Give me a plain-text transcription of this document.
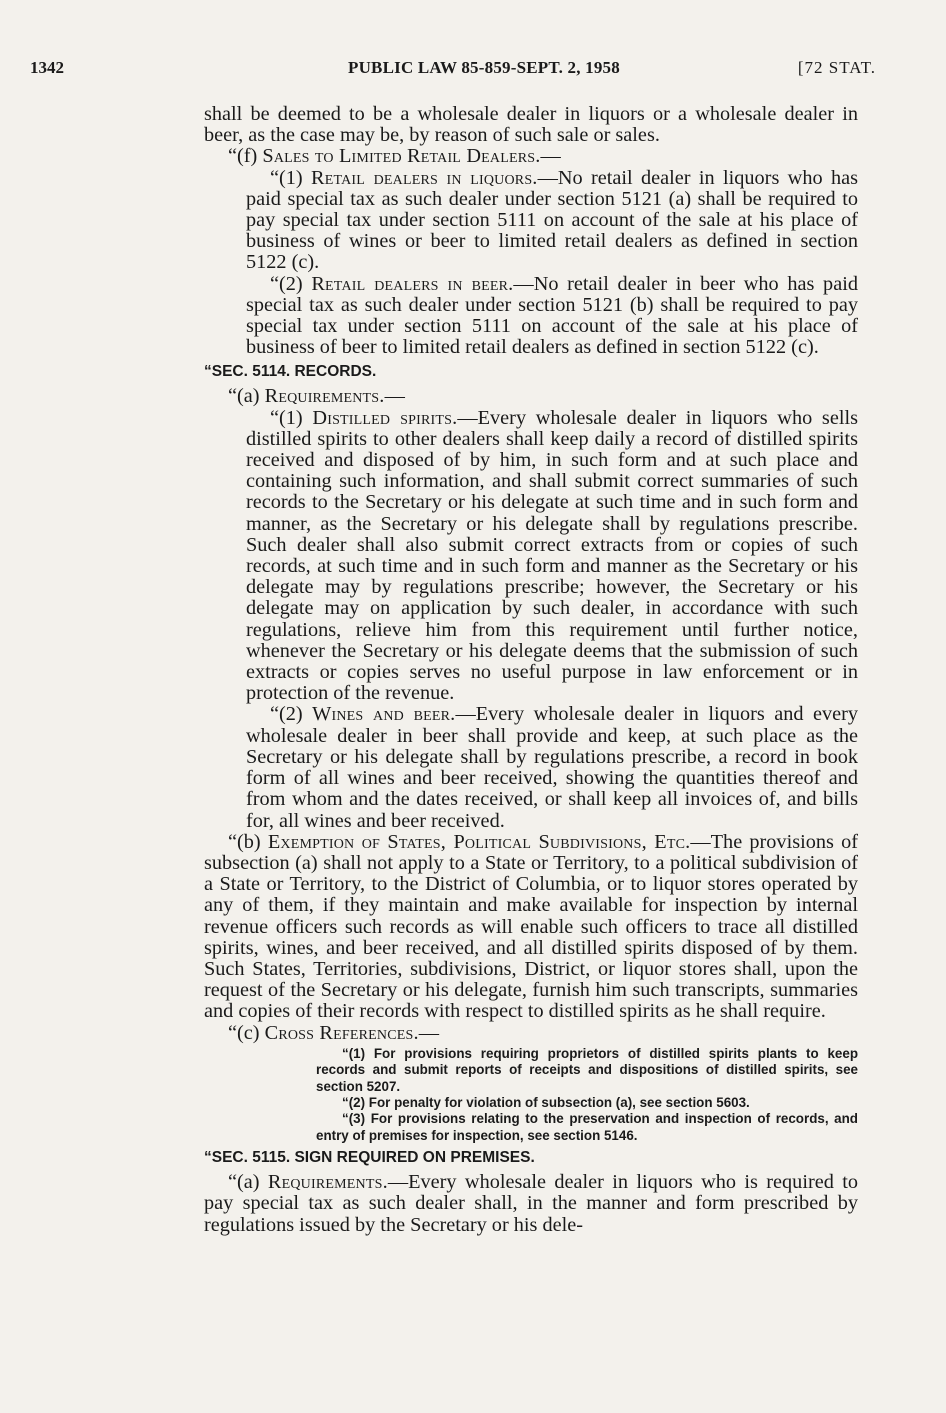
1342	PUBLIC LAW 85-859-SEPT. 2, 1958	[72 STAT.

shall be deemed to be a wholesale dealer in liquors or a wholesale dealer in beer, as the case may be, by reason of such sale or sales.

“(f) Sales to Limited Retail Dealers.—

“(1) Retail dealers in liquors.—No retail dealer in liquors who has paid special tax as such dealer under section 5121 (a) shall be required to pay special tax under section 5111 on account of the sale at his place of business of wines or beer to limited retail dealers as defined in section 5122 (c).

“(2) Retail dealers in beer.—No retail dealer in beer who has paid special tax as such dealer under section 5121 (b) shall be required to pay special tax under section 5111 on account of the sale at his place of business of beer to limited retail dealers as defined in section 5122 (c).

“SEC. 5114. RECORDS.

“(a) Requirements.—

“(1) Distilled spirits.—Every wholesale dealer in liquors who sells distilled spirits to other dealers shall keep daily a record of distilled spirits received and disposed of by him, in such form and at such place and containing such information, and shall submit correct summaries of such records to the Secretary or his delegate at such time and in such form and manner, as the Secretary or his delegate shall by regulations prescribe. Such dealer shall also submit correct extracts from or copies of such records, at such time and in such form and manner as the Secretary or his delegate may by regulations prescribe; however, the Secretary or his delegate may on application by such dealer, in accordance with such regulations, relieve him from this requirement until further notice, whenever the Secretary or his delegate deems that the submission of such extracts or copies serves no useful purpose in law enforcement or in protection of the revenue.

“(2) Wines and beer.—Every wholesale dealer in liquors and every wholesale dealer in beer shall provide and keep, at such place as the Secretary or his delegate shall by regulations prescribe, a record in book form of all wines and beer received, showing the quantities thereof and from whom and the dates received, or shall keep all invoices of, and bills for, all wines and beer received.

“(b) Exemption of States, Political Subdivisions, Etc.—The provisions of subsection (a) shall not apply to a State or Territory, to a political subdivision of a State or Territory, to the District of Columbia, or to liquor stores operated by any of them, if they maintain and make available for inspection by internal revenue officers such records as will enable such officers to trace all distilled spirits, wines, and beer received, and all distilled spirits disposed of by them. Such States, Territories, subdivisions, District, or liquor stores shall, upon the request of the Secretary or his delegate, furnish him such transcripts, summaries and copies of their records with respect to distilled spirits as he shall require.

“(c) Cross References.—

“(1) For provisions requiring proprietors of distilled spirits plants to keep records and submit reports of receipts and dispositions of distilled spirits, see section 5207.

“(2) For penalty for violation of subsection (a), see section 5603.

“(3) For provisions relating to the preservation and inspection of records, and entry of premises for inspection, see section 5146.

“SEC. 5115. SIGN REQUIRED ON PREMISES.

“(a) Requirements.—Every wholesale dealer in liquors who is required to pay special tax as such dealer shall, in the manner and form prescribed by regulations issued by the Secretary or his dele-
